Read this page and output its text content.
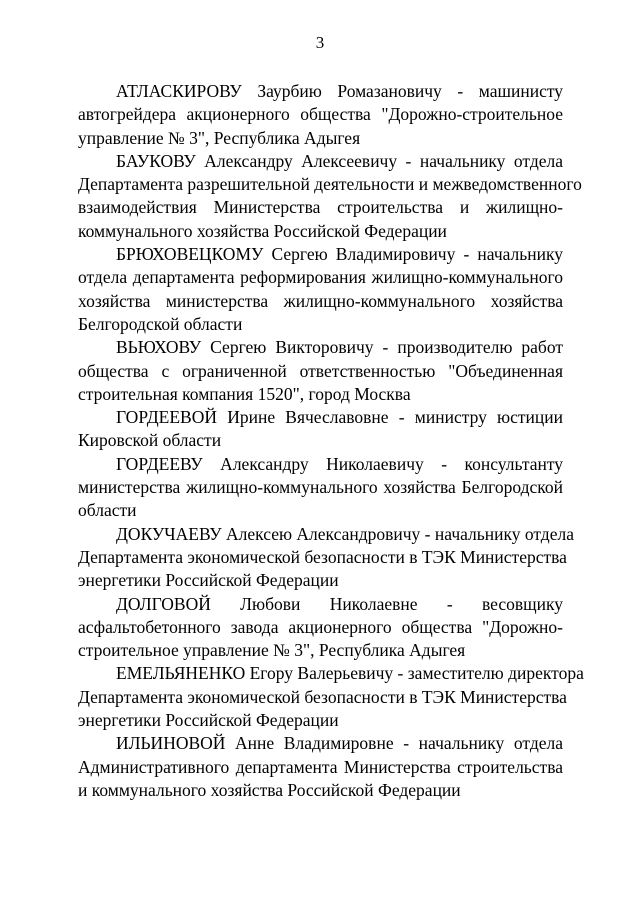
3
АТЛАСКИРОВУ Заурбию Ромазановичу - машинисту
автогрейдера акционерного общества "Дорожно-строительное
управление № 3", Республика Адыгея
БАУКОВУ Александру Алексеевичу - начальнику отдела
Департамента разрешительной деятельности и межведомственного
взаимодействия Министерства строительства и жилищно-
коммунального хозяйства Российской Федерации
БРЮХОВЕЦКОМУ Сергею Владимировичу - начальнику
отдела департамента реформирования жилищно-коммунального
хозяйства министерства жилищно-коммунального хозяйства
Белгородской области
ВЬЮХОВУ Сергею Викторовичу - производителю работ
общества с ограниченной ответственностью "Объединенная
строительная компания 1520", город Москва
ГОРДЕЕВОЙ Ирине Вячеславовне - министру юстиции
Кировской области
ГОРДЕЕВУ Александру Николаевичу - консультанту
министерства жилищно-коммунального хозяйства Белгородской
области
ДОКУЧАЕВУ Алексею Александровичу - начальнику отдела
Департамента экономической безопасности в ТЭК Министерства
энергетики Российской Федерации
ДОЛГОВОЙ Любови Николаевне - весовщику
асфальтобетонного завода акционерного общества "Дорожно-
строительное управление № 3", Республика Адыгея
ЕМЕЛЬЯНЕНКО Егору Валерьевичу - заместителю директора
Департамента экономической безопасности в ТЭК Министерства
энергетики Российской Федерации
ИЛЬИНОВОЙ Анне Владимировне - начальнику отдела
Административного департамента Министерства строительства
и коммунального хозяйства Российской Федерации
